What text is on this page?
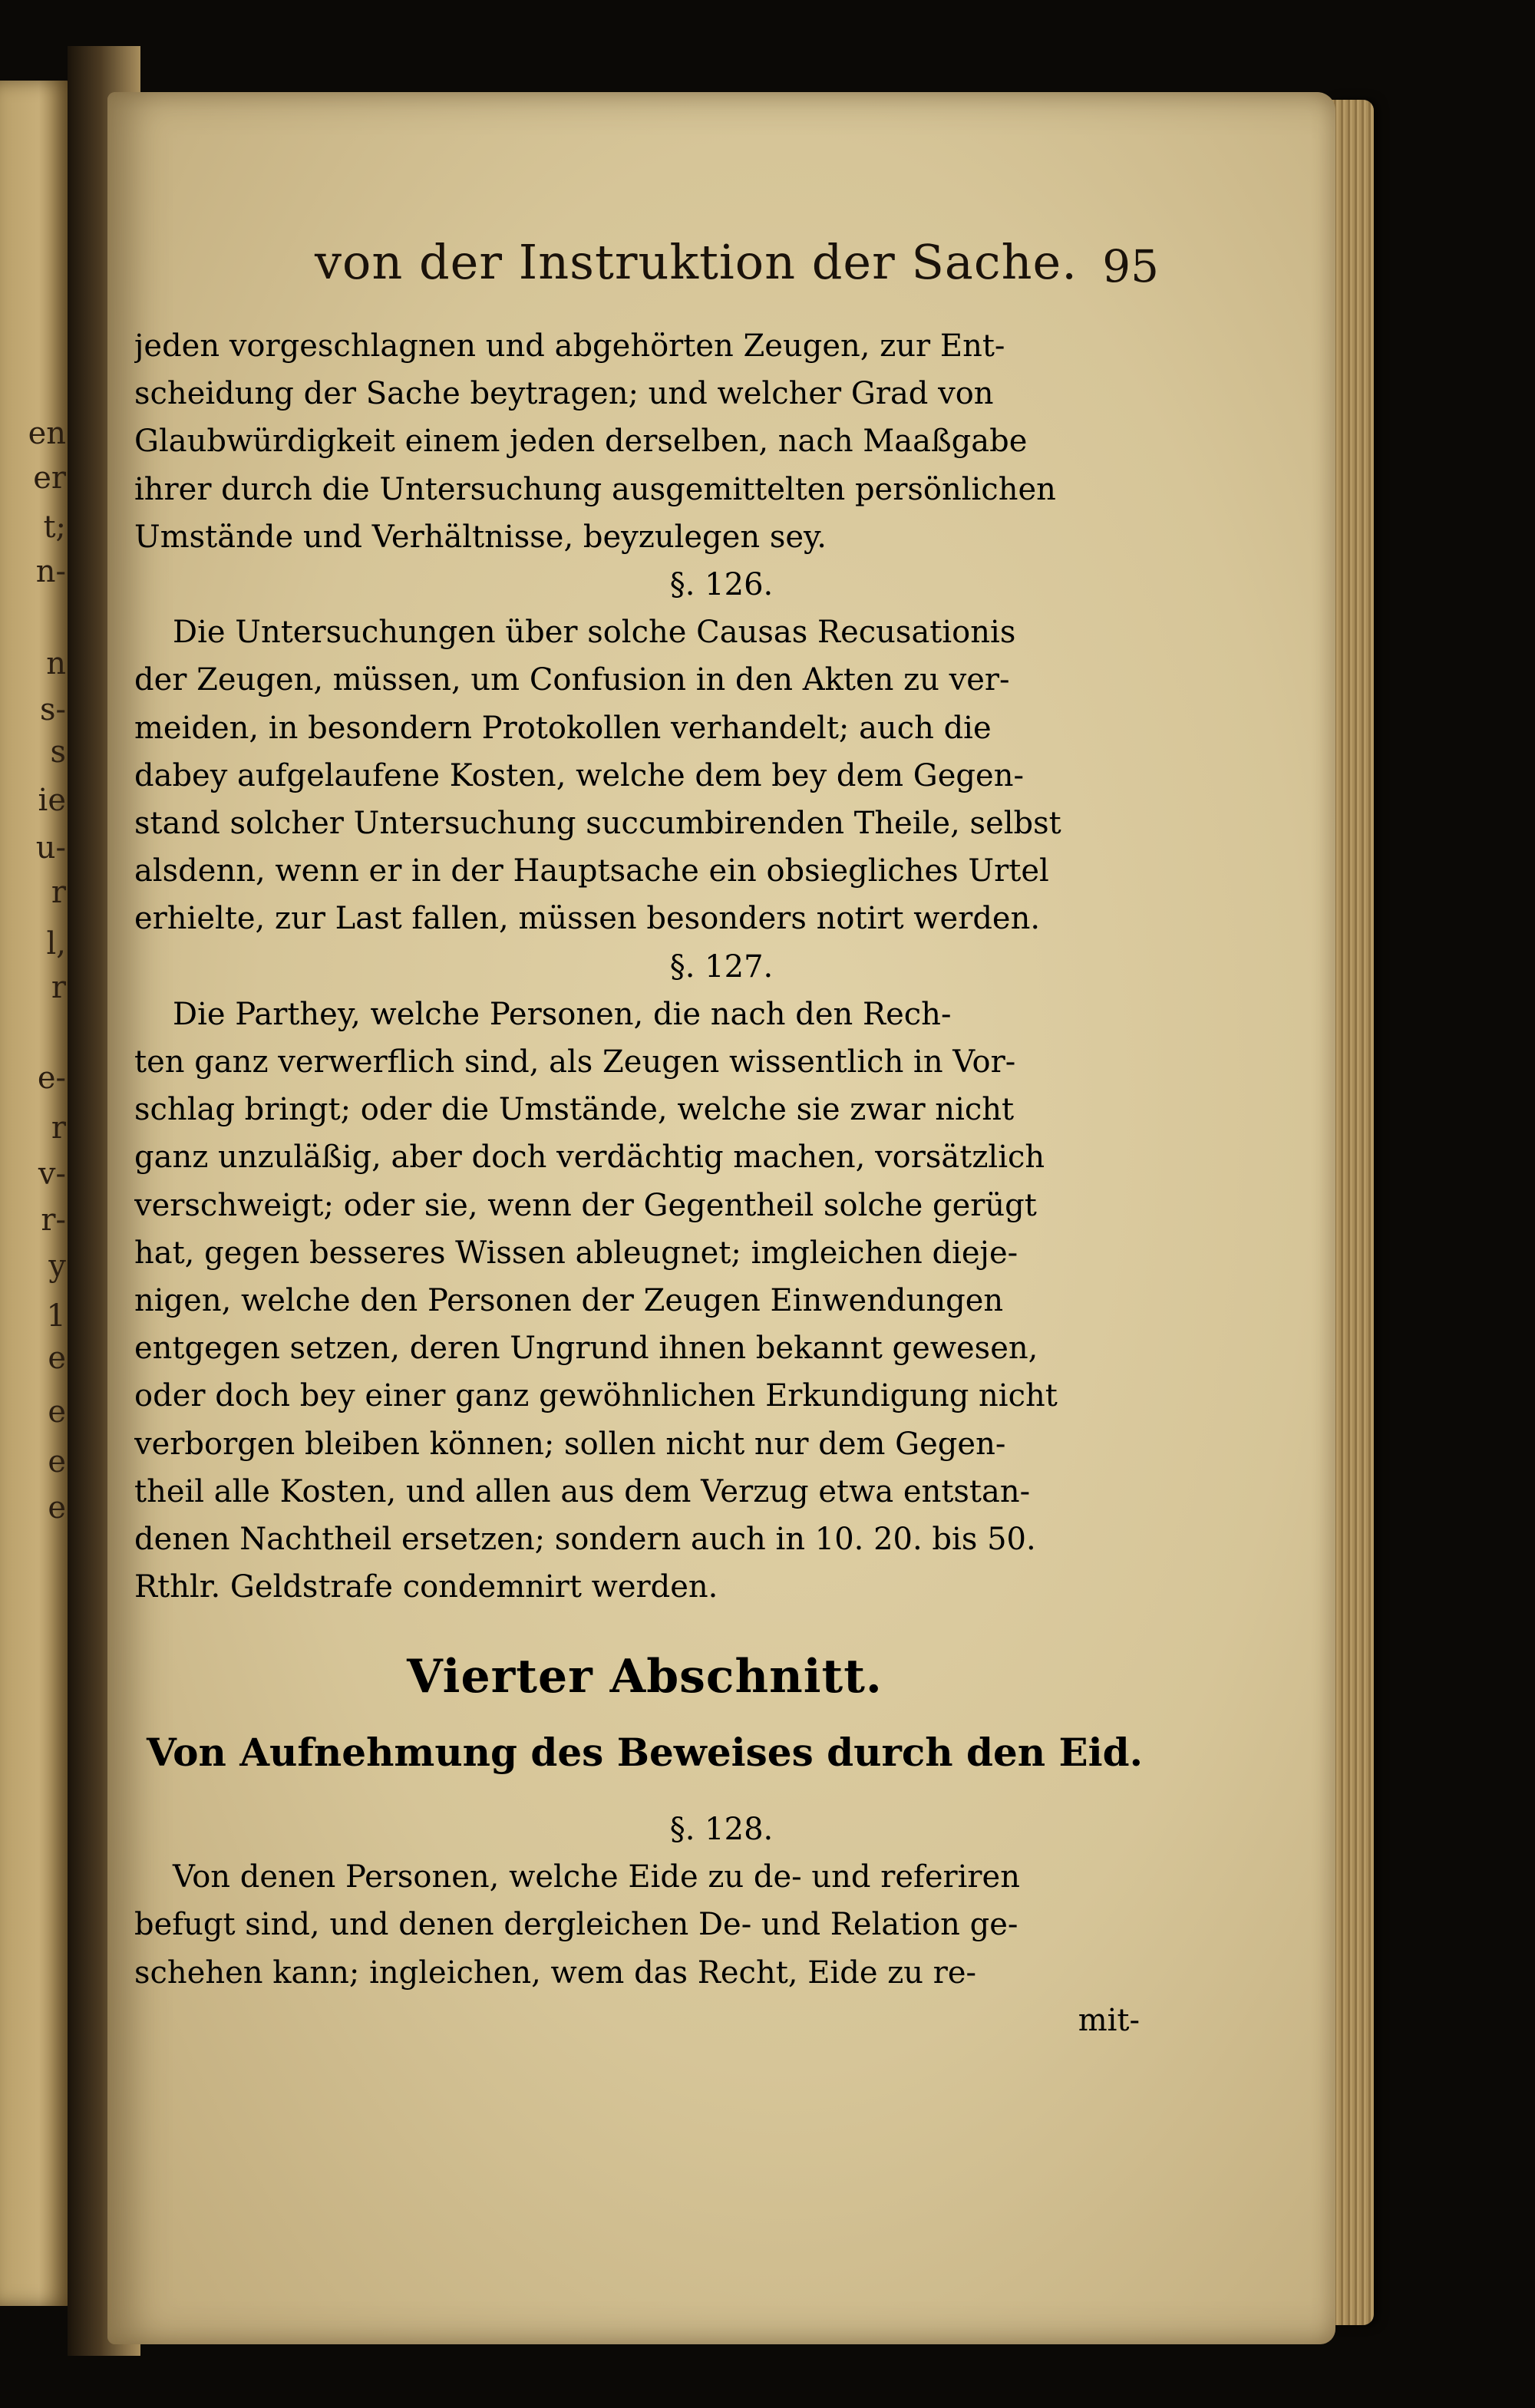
en
er
t;
n-
n
s-
s
ie
u-
r
l,
r
e-
r
v-
r-
y
1
e
e
e
e
von der Instruktion der Sache. 95
jeden vorgeschlagnen und abgehörten Zeugen, zur Ent-
scheidung der Sache beytragen; und welcher Grad von
Glaubwürdigkeit einem jeden derselben, nach Maaßgabe
ihrer durch die Untersuchung ausgemittelten persönlichen
Umstände und Verhältnisse, beyzulegen sey.
§. 126.
Die Untersuchungen über solche Causas Recusationis
der Zeugen, müssen, um Confusion in den Akten zu ver-
meiden, in besondern Protokollen verhandelt; auch die
dabey aufgelaufene Kosten, welche dem bey dem Gegen-
stand solcher Untersuchung succumbirenden Theile, selbst
alsdenn, wenn er in der Hauptsache ein obsiegliches Urtel
erhielte, zur Last fallen, müssen besonders notirt werden.
§. 127.
Die Parthey, welche Personen, die nach den Rech-
ten ganz verwerflich sind, als Zeugen wissentlich in Vor-
schlag bringt; oder die Umstände, welche sie zwar nicht
ganz unzuläßig, aber doch verdächtig machen, vorsätzlich
verschweigt; oder sie, wenn der Gegentheil solche gerügt
hat, gegen besseres Wissen ableugnet; imgleichen dieje-
nigen, welche den Personen der Zeugen Einwendungen
entgegen setzen, deren Ungrund ihnen bekannt gewesen,
oder doch bey einer ganz gewöhnlichen Erkundigung nicht
verborgen bleiben können; sollen nicht nur dem Gegen-
theil alle Kosten, und allen aus dem Verzug etwa entstan-
denen Nachtheil ersetzen; sondern auch in 10. 20. bis 50.
Rthlr. Geldstrafe condemnirt werden.
Vierter Abschnitt.
Von Aufnehmung des Beweises durch den Eid.
§. 128.
Von denen Personen, welche Eide zu de- und referiren
befugt sind, und denen dergleichen De- und Relation ge-
schehen kann; ingleichen, wem das Recht, Eide zu re-
mit-
